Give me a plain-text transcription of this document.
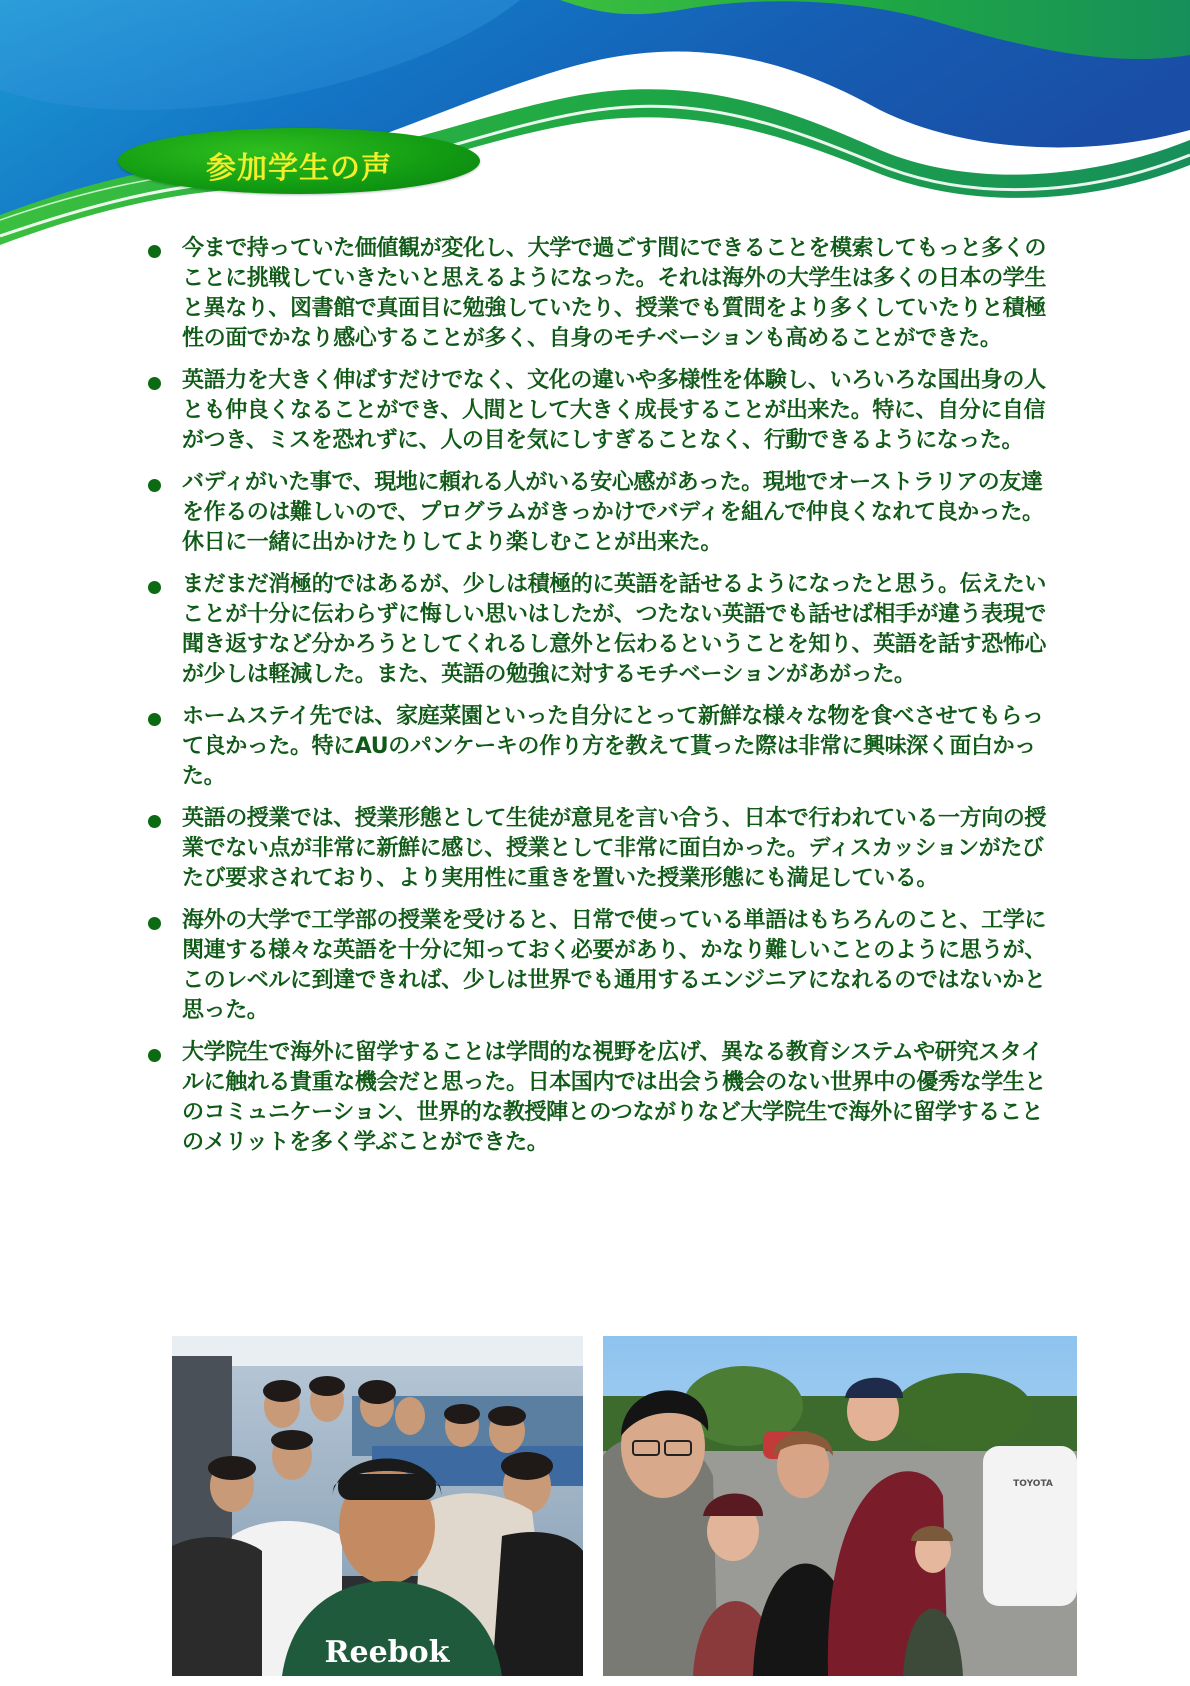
参加学生の声
今まで持っていた価値観が変化し、大学で過ごす間にできることを模索してもっと多くのことに挑戦していきたいと思えるようになった。それは海外の大学生は多くの日本の学生と異なり、図書館で真面目に勉強していたり、授業でも質問をより多くしていたりと積極性の面でかなり感心することが多く、自身のモチベーションも高めることができた。
英語力を大きく伸ばすだけでなく、文化の違いや多様性を体験し、いろいろな国出身の人とも仲良くなることができ、人間として大きく成長することが出来た。特に、自分に自信がつき、ミスを恐れずに、人の目を気にしすぎることなく、行動できるようになった。
バディがいた事で、現地に頼れる人がいる安心感があった。現地でオーストラリアの友達を作るのは難しいので、プログラムがきっかけでバディを組んで仲良くなれて良かった。休日に一緒に出かけたりしてより楽しむことが出来た。
まだまだ消極的ではあるが、少しは積極的に英語を話せるようになったと思う。伝えたいことが十分に伝わらずに悔しい思いはしたが、つたない英語でも話せば相手が違う表現で聞き返すなど分かろうとしてくれるし意外と伝わるということを知り、英語を話す恐怖心が少しは軽減した。また、英語の勉強に対するモチベーションがあがった。
ホームステイ先では、家庭菜園といった自分にとって新鮮な様々な物を食べさせてもらって良かった。特にAUのパンケーキの作り方を教えて貰った際は非常に興味深く面白かった。
英語の授業では、授業形態として生徒が意見を言い合う、日本で行われている一方向の授業でない点が非常に新鮮に感じ、授業として非常に面白かった。ディスカッションがたびたび要求されており、より実用性に重きを置いた授業形態にも満足している。
海外の大学で工学部の授業を受けると、日常で使っている単語はもちろんのこと、工学に関連する様々な英語を十分に知っておく必要があり、かなり難しいことのように思うが、このレベルに到達できれば、少しは世界でも通用するエンジニアになれるのではないかと思った。
大学院生で海外に留学することは学問的な視野を広げ、異なる教育システムや研究スタイルに触れる貴重な機会だと思った。日本国内では出会う機会のない世界中の優秀な学生とのコミュニケーション、世界的な教授陣とのつながりなど大学院生で海外に留学することのメリットを多く学ぶことができた。
Reebok
TOYOTA
